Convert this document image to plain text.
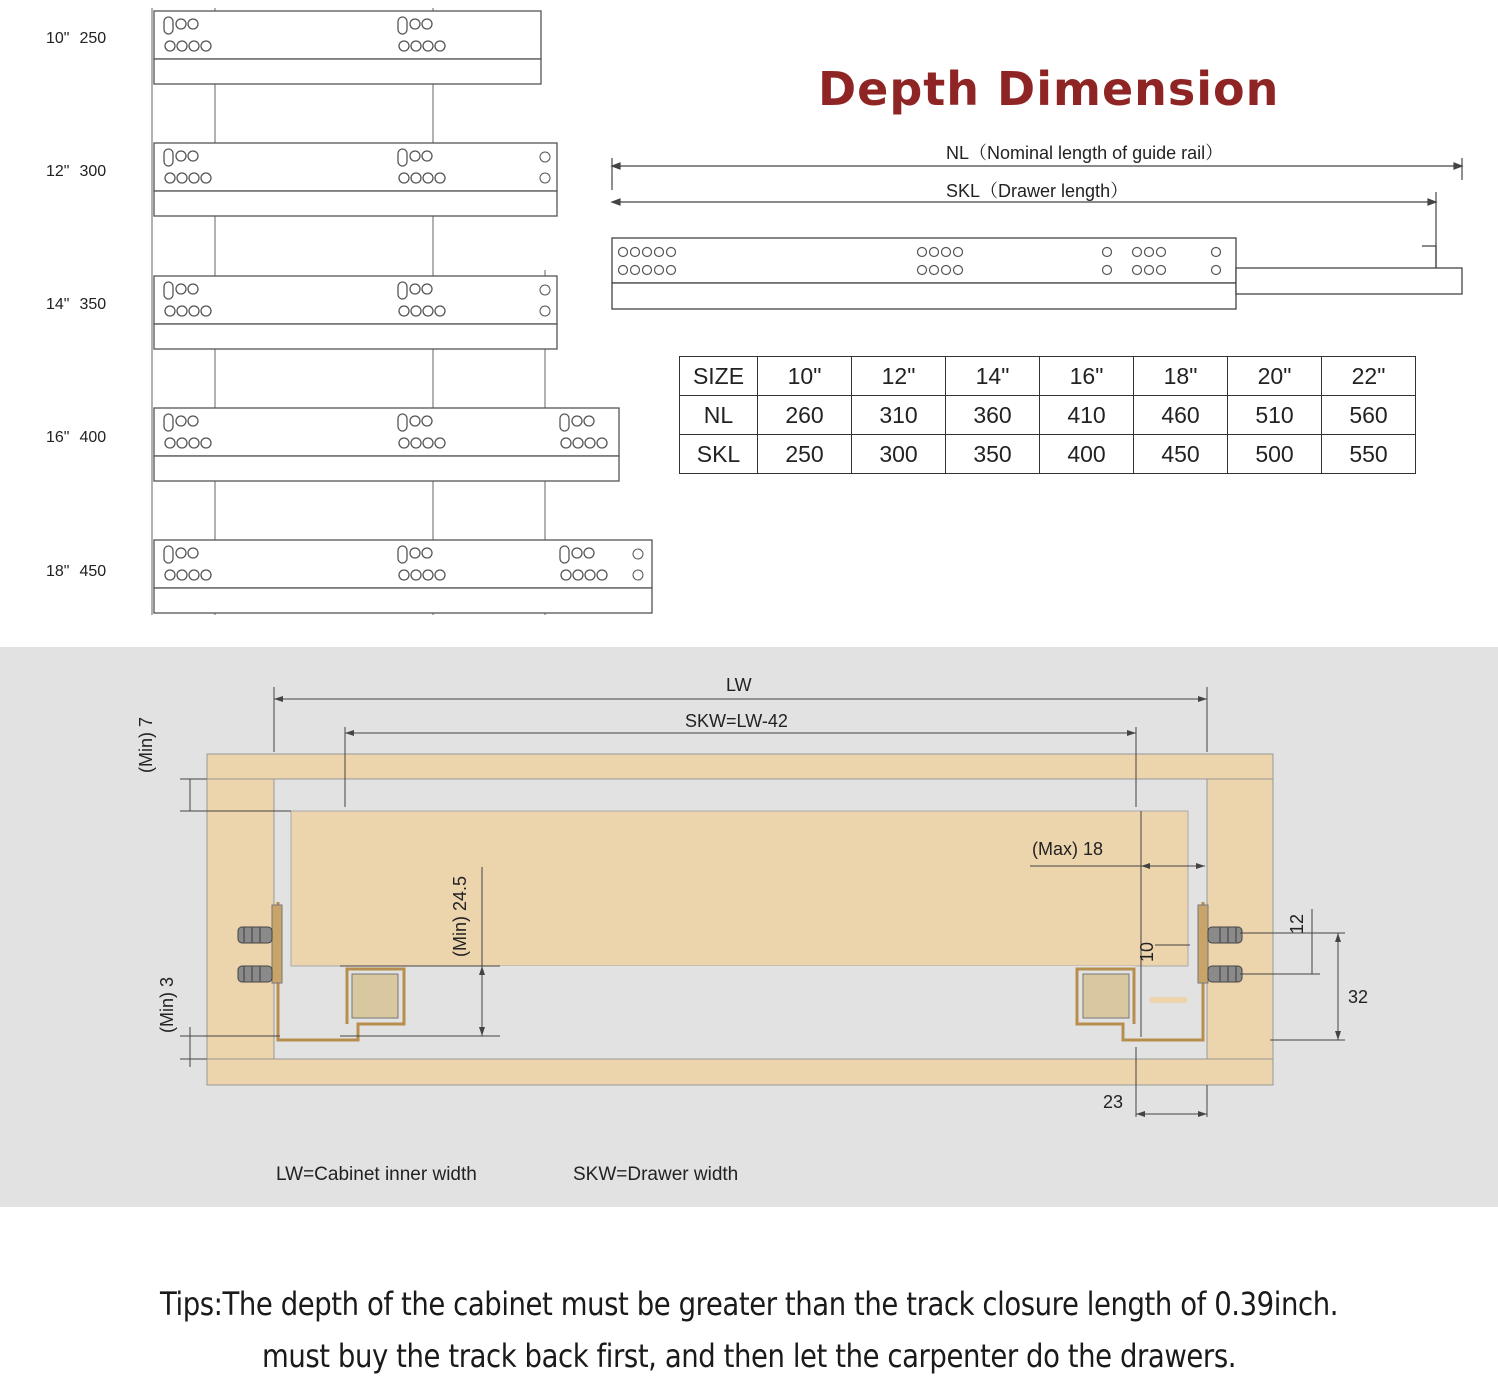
10" 250
12" 300
14" 350
16" 400
18" 450
Depth Dimension
NL（Nominal length of guide rail）
SKL（Drawer length）
SIZE	10"	12"	14"	16"	18"	20"	22"
NL	260	310	360	410	460	510	560
SKL	250	300	350	400	450	500	550
LW
SKW=LW-42
(Min) 7
(Min) 24.5
(Min) 3
(Max) 18
10
12
32
23
LW=Cabinet inner width	SKW=Drawer width
Tips:The depth of the cabinet must be greater than the track closure length of 0.39inch.
must buy the track back first, and then let the carpenter do the drawers.
